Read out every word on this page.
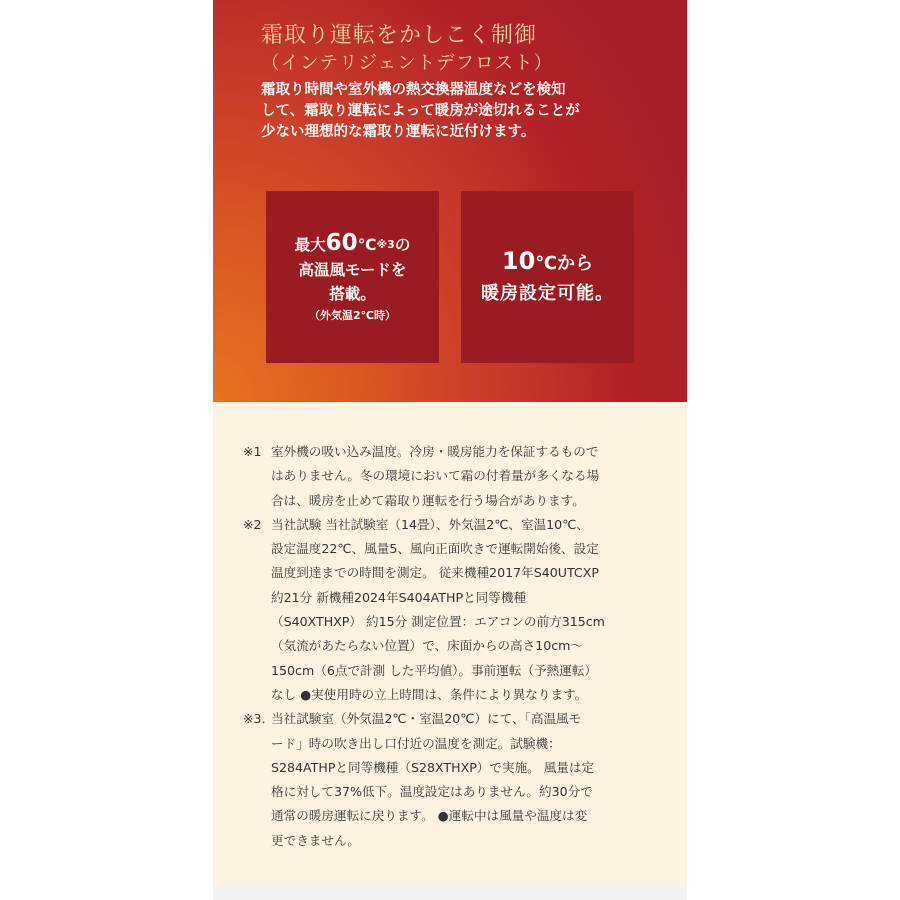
霜取り運転をかしこく制御
（インテリジェントデフロスト）
霜取り時間や室外機の熱交換器温度などを検知
して、霜取り運転によって暖房が途切れることが
少ない理想的な霜取り運転に近付けます。
最大60℃$^{※3}$の
高温風モードを
搭載。
（外気温2℃時）
10℃から
暖房設定可能。
※1 室外機の吸い込み温度。冷房・暖房能力を保証するもので
はありません。冬の環境において霜の付着量が多くなる場
合は、暖房を止めて霜取り運転を行う場合があります。
※2 当社試験 当社試験室（14畳）、外気温2℃、室温10℃、
設定温度22℃、風量5、風向正面吹きで運転開始後、設定
温度到達までの時間を測定。 従来機種2017年S40UTCXP
約21分 新機種2024年S404ATHPと同等機種
（S40XTHXP） 約15分 測定位置：エアコンの前方315cm
（気流があたらない位置）で、床面からの高さ10cm〜
150cm（6点で計測 した平均値）。事前運転（予熱運転）
なし ●実使用時の立上時間は、条件により異なります。
※3．
当社試験室（外気温2℃・室温20℃）にて、「高温風モ
ード」時の吹き出し口付近の温度を測定。試験機：
S284ATHPと同等機種（S28XTHXP）で実施。 風量は定
格に対して37%低下。温度設定はありません。約30分で
通常の暖房運転に戻ります。 ●運転中は風量や温度は変
更できません。
